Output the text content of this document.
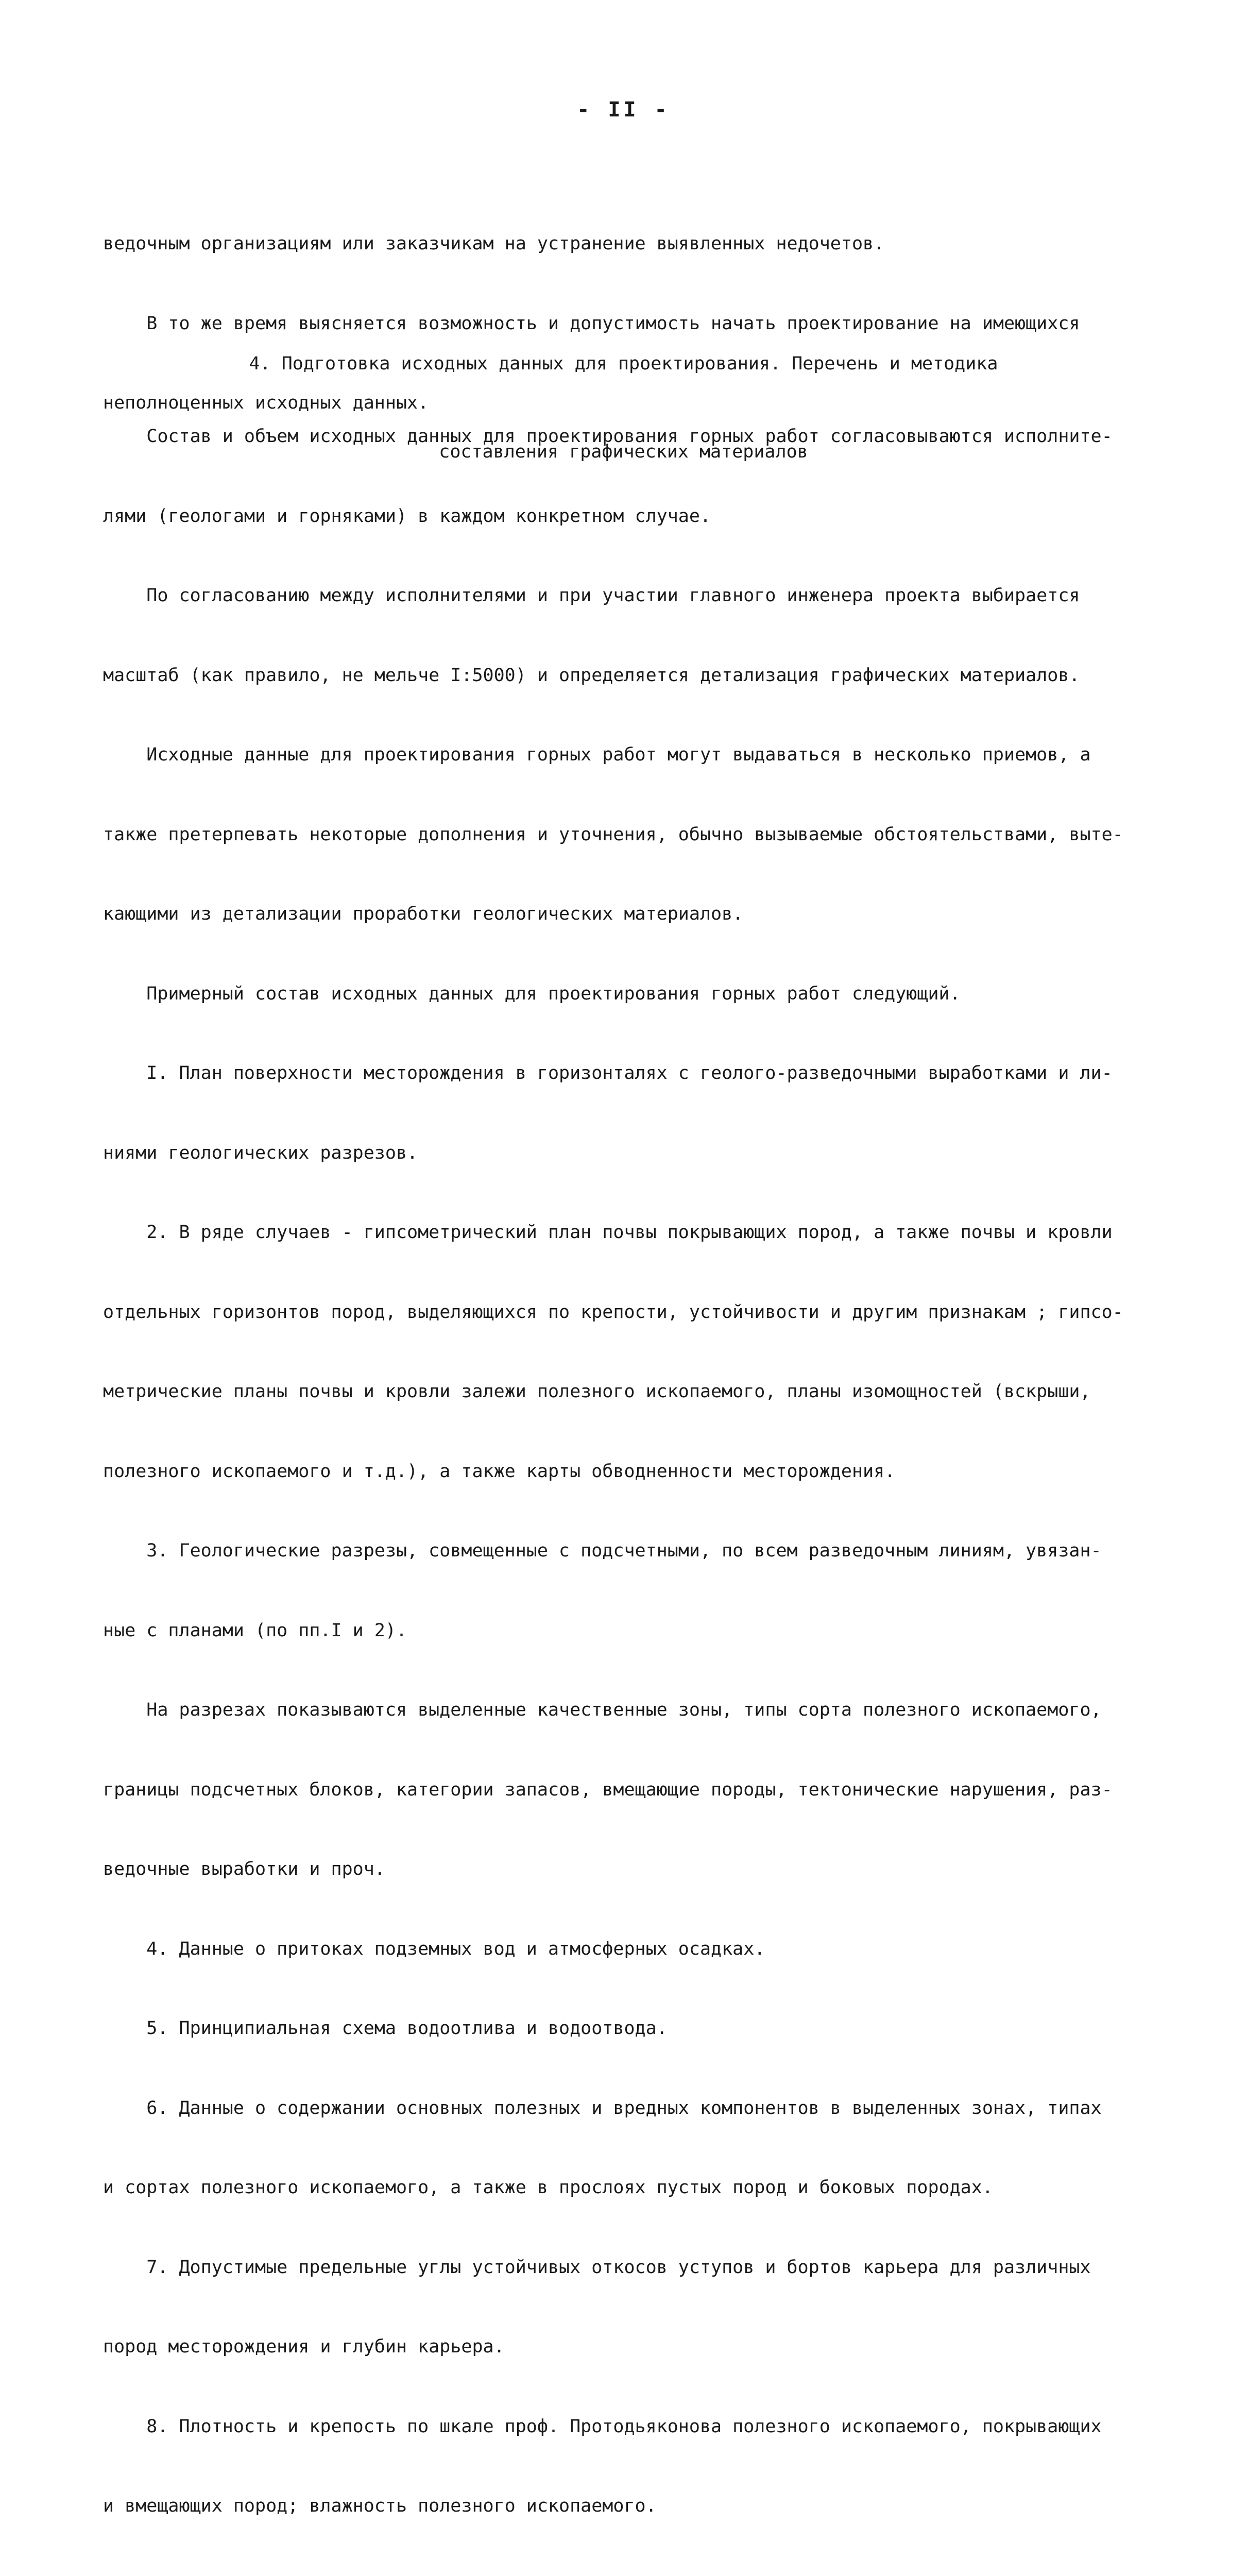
- II -

ведочным организациям или заказчикам на устранение выявленных недочетов.

В то же время выясняется возможность и допустимость начать проектирование на имеющихся

неполноценных исходных данных.

4. Подготовка исходных данных для проектирования. Перечень и методика

составления графических материалов

Состав и объем исходных данных для проектирования горных работ согласовываются исполните-

лями (геологами и горняками) в каждом конкретном случае.

По согласованию между исполнителями и при участии главного инженера проекта выбирается

масштаб (как правило, не мельче I:5000) и определяется детализация графических материалов.

Исходные данные для проектирования горных работ могут выдаваться в несколько приемов, а

также претерпевать некоторые дополнения и уточнения, обычно вызываемые обстоятельствами, выте-

кающими из детализации проработки геологических материалов.

Примерный состав исходных данных для проектирования горных работ следующий.

I. План поверхности месторождения в горизонталях с геолого-разведочными выработками и ли-

ниями геологических разрезов.

2. В ряде случаев - гипсометрический план почвы покрывающих пород, а также почвы и кровли

отдельных горизонтов пород, выделяющихся по крепости, устойчивости и другим признакам ; гипсо-

метрические планы почвы и кровли залежи полезного ископаемого, планы изомощностей (вскрыши,

полезного ископаемого и т.д.), а также карты обводненности месторождения.

3. Геологические разрезы, совмещенные с подсчетными, по всем разведочным линиям, увязан-

ные с планами (по пп.I и 2).

На разрезах показываются выделенные качественные зоны, типы сорта полезного ископаемого,

границы подсчетных блоков, категории запасов, вмещающие породы, тектонические нарушения, раз-

ведочные выработки и проч.

4. Данные о притоках подземных вод и атмосферных осадках.

5. Принципиальная схема водоотлива и водоотвода.

6. Данные о содержании основных полезных и вредных компонентов в выделенных зонах, типах

и сортах полезного ископаемого, а также в прослоях пустых пород и боковых породах.

7. Допустимые предельные углы устойчивых откосов уступов и бортов карьера для различных

пород месторождения и глубин карьера.

8. Плотность и крепость по шкале проф. Протодьяконова полезного ископаемого, покрывающих

и вмещающих пород; влажность полезного ископаемого.
